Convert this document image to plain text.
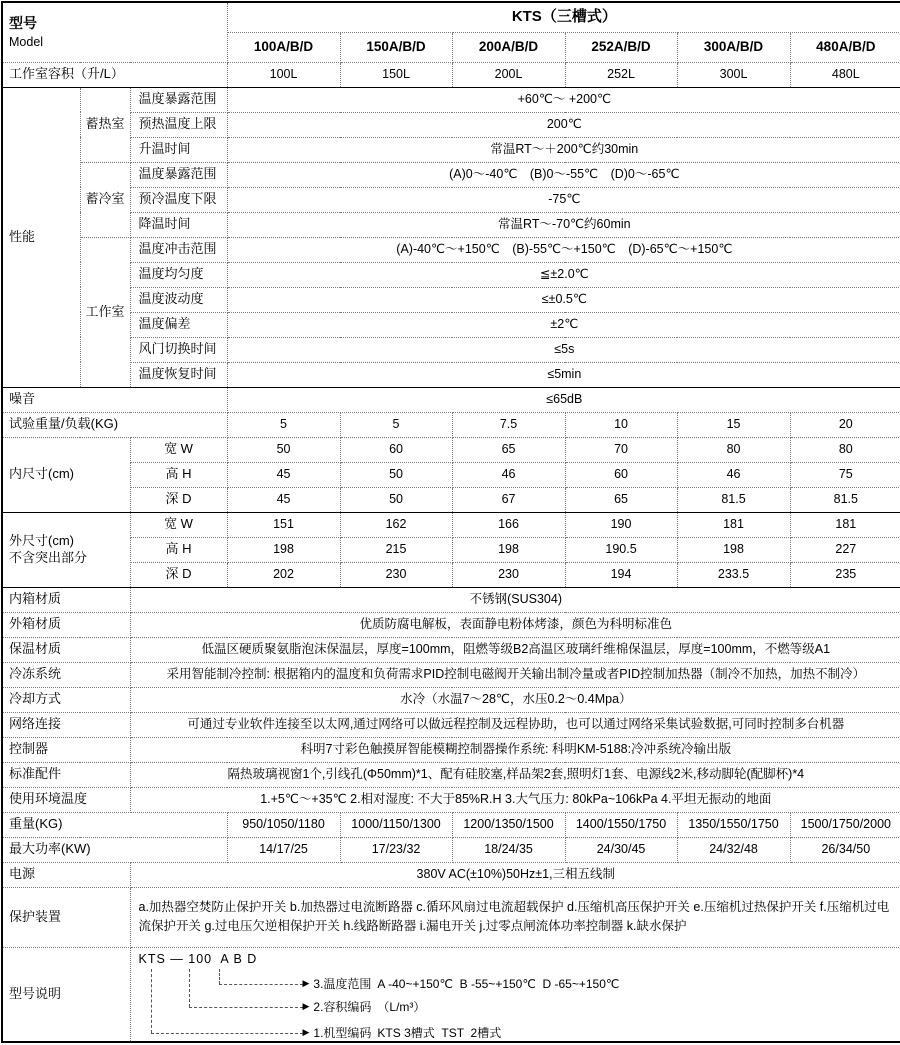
型号
Model			KTS（三槽式）					
			100A/B/D	150A/B/D	200A/B/D	252A/B/D	300A/B/D	480A/B/D
工作室容积（升/L）			100L	150L	200L	252L	300L	480L
性能	蓄热室	温度暴露范围	+60℃～ +200℃					
		预热温度上限	200℃					
		升温时间	常温RT～＋200℃约30min					
	蓄冷室	温度暴露范围	(A)0～-40℃　(B)0～-55℃　(D)0～-65℃					
		预冷温度下限	-75℃					
		降温时间	常温RT～-70℃约60min					
	工作室	温度冲击范围	(A)-40℃～+150℃　(B)-55℃～+150℃　(D)-65℃～+150℃					
		温度均匀度	≦±2.0℃					
		温度波动度	≤±0.5℃					
		温度偏差	±2℃					
		风门切换时间	≤5s					
		温度恢复时间	≤5min					
噪音			≤65dB					
试验重量/负载(KG)			5	5	7.5	10	15	20
内尺寸(cm)		宽 W	50	60	65	70	80	80
		高 H	45	50	46	60	46	75
		深 D	45	50	67	65	81.5	81.5

外尺寸(cm)
不含突出部分		宽 W	151	162	166	190	181	181
		高 H	198	215	198	190.5	198	227
		深 D	202	230	230	194	233.5	235
内箱材质		不锈钢(SUS304)						
外箱材质		优质防腐电解板，表面静电粉体烤漆，颜色为科明标准色						
保温材质		低温区硬质聚氨脂泡沫保温层，厚度=100mm，阻燃等级B2高温区玻璃纤维棉保温层，厚度=100mm，不燃等级A1						
冷冻系统		采用智能制冷控制: 根据箱内的温度和负荷需求PID控制电磁阀开关输出制冷量或者PID控制加热器（制冷不加热，加热不制冷）						
冷却方式		水冷（水温7～28℃，水压0.2～0.4Mpa）						
网络连接		可通过专业软件连接至以太网,通过网络可以做远程控制及远程协助，也可以通过网络采集试验数据,可同时控制多台机器						
控制器		科明7寸彩色触摸屏智能模糊控制器操作系统: 科明KM-5188:冷冲系统冷输出版						
标准配件		隔热玻璃视窗1个,引线孔(Φ50mm)*1、配有硅胶塞,样品架2套,照明灯1套、电源线2米,移动脚轮(配脚杯)*4						
使用环境温度		1.+5℃～+35℃ 2.相对湿度: 不大于85%R.H 3.大气压力: 80kPa~106kPa 4.平坦无振动的地面						
重量(KG)			950/1050/1180	1000/1150/1300	1200/1350/1500	1400/1550/1750	1350/1550/1750	1500/1750/2000
最大功率(KW)			14/17/25	17/23/32	18/24/35	24/30/45	24/32/48	26/34/50
电源		380V AC(±10%)50Hz±1,三相五线制						
保护装置		a.加热器空焚防止保护开关 b.加热器过电流断路器 c.循环风扇过电流超载保护 d.压缩机高压保护开关 e.压缩机过热保护开关 f.压缩机过电流保护开关 g.过电压欠逆相保护开关 h.线路断路器 i.漏电开关 j.过零点闸流体功率控制器 k.缺水保护						
型号说明	
KTS — 100  A B D
▶ 3.温度范围 A -40~+150℃  B -55~+150℃  D -65~+150℃
▶ 2.容积编码 （L/m³）
▶ 1.机型编码 KTS 3槽式  TST  2槽式
